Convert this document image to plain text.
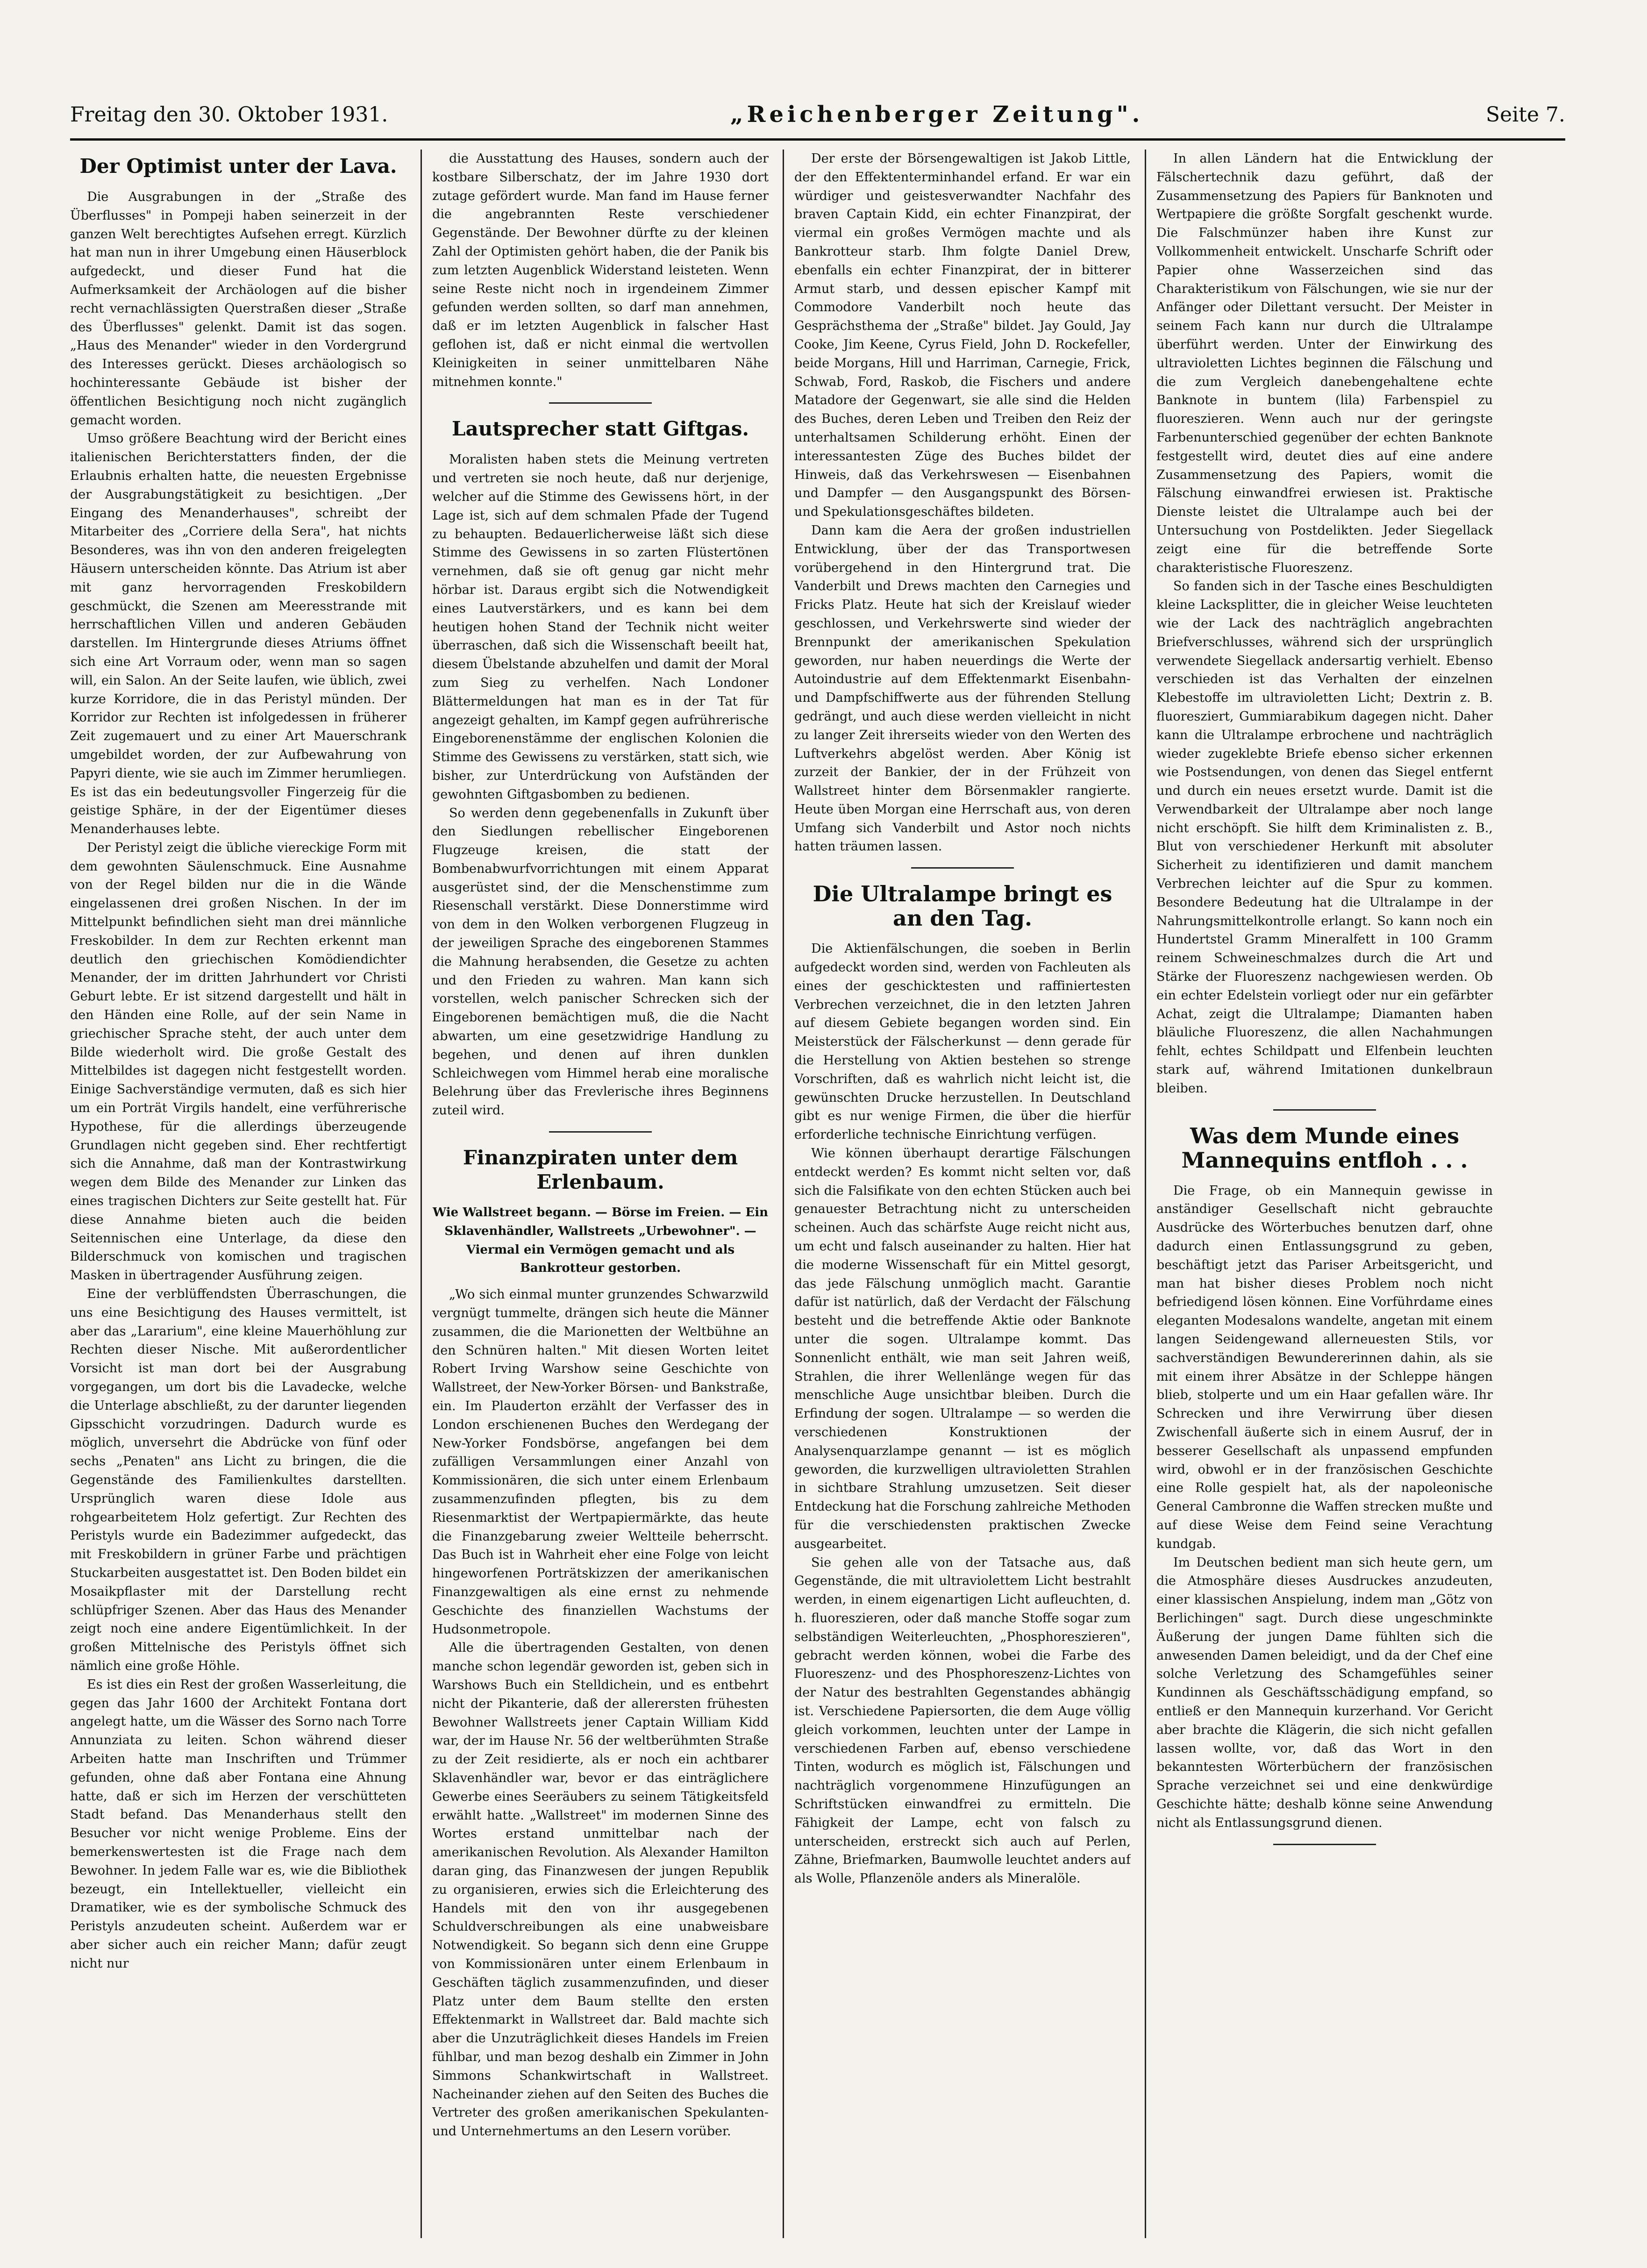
Freitag den 30. Oktober 1931.	„Reichenberger Zeitung".	Seite 7.
Der Optimist unter der Lava.

Die Ausgrabungen in der „Straße des Überflusses" in Pompeji haben seinerzeit in der ganzen Welt berechtigtes Aufsehen erregt. Kürzlich hat man nun in ihrer Umgebung einen Häuserblock aufgedeckt, und dieser Fund hat die Aufmerksamkeit der Archäologen auf die bisher recht vernachlässigten Querstraßen dieser „Straße des Überflusses" gelenkt. Damit ist das sogen. „Haus des Menander" wieder in den Vordergrund des Interesses gerückt. Dieses archäologisch so hochinteressante Gebäude ist bisher der öffentlichen Besichtigung noch nicht zugänglich gemacht worden.

Umso größere Beachtung wird der Bericht eines italienischen Berichterstatters finden, der die Erlaubnis erhalten hatte, die neuesten Ergebnisse der Ausgrabungstätigkeit zu besichtigen. „Der Eingang des Menanderhauses", schreibt der Mitarbeiter des „Corriere della Sera", hat nichts Besonderes, was ihn von den anderen freigelegten Häusern unterscheiden könnte. Das Atrium ist aber mit ganz hervorragenden Freskobildern geschmückt, die Szenen am Meeresstrande mit herrschaftlichen Villen und anderen Gebäuden darstellen. Im Hintergrunde dieses Atriums öffnet sich eine Art Vorraum oder, wenn man so sagen will, ein Salon. An der Seite laufen, wie üblich, zwei kurze Korridore, die in das Peristyl münden. Der Korridor zur Rechten ist infolgedessen in früherer Zeit zugemauert und zu einer Art Mauerschrank umgebildet worden, der zur Aufbewahrung von Papyri diente, wie sie auch im Zimmer herumliegen. Es ist das ein bedeutungsvoller Fingerzeig für die geistige Sphäre, in der der Eigentümer dieses Menanderhauses lebte.

Der Peristyl zeigt die übliche viereckige Form mit dem gewohnten Säulenschmuck. Eine Ausnahme von der Regel bilden nur die in die Wände eingelassenen drei großen Nischen. In der im Mittelpunkt befindlichen sieht man drei männliche Freskobilder. In dem zur Rechten erkennt man deutlich den griechischen Komödiendichter Menander, der im dritten Jahrhundert vor Christi Geburt lebte. Er ist sitzend dargestellt und hält in den Händen eine Rolle, auf der sein Name in griechischer Sprache steht, der auch unter dem Bilde wiederholt wird. Die große Gestalt des Mittelbildes ist dagegen nicht festgestellt worden. Einige Sachverständige vermuten, daß es sich hier um ein Porträt Virgils handelt, eine verführerische Hypothese, für die allerdings überzeugende Grundlagen nicht gegeben sind. Eher rechtfertigt sich die Annahme, daß man der Kontrastwirkung wegen dem Bilde des Menander zur Linken das eines tragischen Dichters zur Seite gestellt hat. Für diese Annahme bieten auch die beiden Seitennischen eine Unterlage, da diese den Bilderschmuck von komischen und tragischen Masken in übertragender Ausführung zeigen.

Eine der verblüffendsten Überraschungen, die uns eine Besichtigung des Hauses vermittelt, ist aber das „Lararium", eine kleine Mauerhöhlung zur Rechten dieser Nische. Mit außerordentlicher Vorsicht ist man dort bei der Ausgrabung vorgegangen, um dort bis die Lavadecke, welche die Unterlage abschließt, zu der darunter liegenden Gipsschicht vorzudringen. Dadurch wurde es möglich, unversehrt die Abdrücke von fünf oder sechs „Penaten" ans Licht zu bringen, die die Gegenstände des Familienkultes darstellten. Ursprünglich waren diese Idole aus rohgearbeitetem Holz gefertigt. Zur Rechten des Peristyls wurde ein Badezimmer aufgedeckt, das mit Freskobildern in grüner Farbe und prächtigen Stuckarbeiten ausgestattet ist. Den Boden bildet ein Mosaikpflaster mit der Darstellung recht schlüpfriger Szenen. Aber das Haus des Menander zeigt noch eine andere Eigentümlichkeit. In der großen Mittelnische des Peristyls öffnet sich nämlich eine große Höhle.

Es ist dies ein Rest der großen Wasserleitung, die gegen das Jahr 1600 der Architekt Fontana dort angelegt hatte, um die Wässer des Sorno nach Torre Annunziata zu leiten. Schon während dieser Arbeiten hatte man Inschriften und Trümmer gefunden, ohne daß aber Fontana eine Ahnung hatte, daß er sich im Herzen der verschütteten Stadt befand. Das Menanderhaus stellt den Besucher vor nicht wenige Probleme. Eins der bemerkenswertesten ist die Frage nach dem Bewohner. In jedem Falle war es, wie die Bibliothek bezeugt, ein Intellektueller, vielleicht ein Dramatiker, wie es der symbolische Schmuck des Peristyls anzudeuten scheint. Außerdem war er aber sicher auch ein reicher Mann; dafür zeugt nicht nur

die Ausstattung des Hauses, sondern auch der kostbare Silberschatz, der im Jahre 1930 dort zutage gefördert wurde. Man fand im Hause ferner die angebrannten Reste verschiedener Gegenstände. Der Bewohner dürfte zu der kleinen Zahl der Optimisten gehört haben, die der Panik bis zum letzten Augenblick Widerstand leisteten. Wenn seine Reste nicht noch in irgendeinem Zimmer gefunden werden sollten, so darf man annehmen, daß er im letzten Augenblick in falscher Hast geflohen ist, daß er nicht einmal die wertvollen Kleinigkeiten in seiner unmittelbaren Nähe mitnehmen konnte."

Lautsprecher statt Giftgas.

Moralisten haben stets die Meinung vertreten und vertreten sie noch heute, daß nur derjenige, welcher auf die Stimme des Gewissens hört, in der Lage ist, sich auf dem schmalen Pfade der Tugend zu behaupten. Bedauerlicherweise läßt sich diese Stimme des Gewissens in so zarten Flüstertönen vernehmen, daß sie oft genug gar nicht mehr hörbar ist. Daraus ergibt sich die Notwendigkeit eines Lautverstärkers, und es kann bei dem heutigen hohen Stand der Technik nicht weiter überraschen, daß sich die Wissenschaft beeilt hat, diesem Übelstande abzuhelfen und damit der Moral zum Sieg zu verhelfen. Nach Londoner Blättermeldungen hat man es in der Tat für angezeigt gehalten, im Kampf gegen aufrührerische Eingeborenenstämme der englischen Kolonien die Stimme des Gewissens zu verstärken, statt sich, wie bisher, zur Unterdrückung von Aufständen der gewohnten Giftgasbomben zu bedienen.

So werden denn gegebenenfalls in Zukunft über den Siedlungen rebellischer Eingeborenen Flugzeuge kreisen, die statt der Bombenabwurfvorrichtungen mit einem Apparat ausgerüstet sind, der die Menschenstimme zum Riesenschall verstärkt. Diese Donnerstimme wird von dem in den Wolken verborgenen Flugzeug in der jeweiligen Sprache des eingeborenen Stammes die Mahnung herabsenden, die Gesetze zu achten und den Frieden zu wahren. Man kann sich vorstellen, welch panischer Schrecken sich der Eingeborenen bemächtigen muß, die die Nacht abwarten, um eine gesetzwidrige Handlung zu begehen, und denen auf ihren dunklen Schleichwegen vom Himmel herab eine moralische Belehrung über das Frevlerische ihres Beginnens zuteil wird.

Finanzpiraten unter dem Erlenbaum.

Wie Wallstreet begann. — Börse im Freien. — Ein Sklavenhändler, Wallstreets „Urbewohner". — Viermal ein Vermögen gemacht und als Bankrotteur gestorben.

„Wo sich einmal munter grunzendes Schwarzwild vergnügt tummelte, drängen sich heute die Männer zusammen, die die Marionetten der Weltbühne an den Schnüren halten." Mit diesen Worten leitet Robert Irving Warshow seine Geschichte von Wallstreet, der New-Yorker Börsen- und Bankstraße, ein. Im Plauderton erzählt der Verfasser des in London erschienenen Buches den Werdegang der New-Yorker Fondsbörse, angefangen bei dem zufälligen Versammlungen einer Anzahl von Kommissionären, die sich unter einem Erlenbaum zusammenzufinden pflegten, bis zu dem Riesenmarktist der Wertpapiermärkte, das heute die Finanzgebarung zweier Weltteile beherrscht. Das Buch ist in Wahrheit eher eine Folge von leicht hingeworfenen Porträtskizzen der amerikanischen Finanzgewaltigen als eine ernst zu nehmende Geschichte des finanziellen Wachstums der Hudsonmetropole.

Alle die übertragenden Gestalten, von denen manche schon legendär geworden ist, geben sich in Warshows Buch ein Stelldichein, und es entbehrt nicht der Pikanterie, daß der allerersten frühesten Bewohner Wallstreets jener Captain William Kidd war, der im Hause Nr. 56 der weltberühmten Straße zu der Zeit residierte, als er noch ein achtbarer Sklavenhändler war, bevor er das einträglichere Gewerbe eines Seeräubers zu seinem Tätigkeitsfeld erwählt hatte. „Wallstreet" im modernen Sinne des Wortes erstand unmittelbar nach der amerikanischen Revolution. Als Alexander Hamilton daran ging, das Finanzwesen der jungen Republik zu organisieren, erwies sich die Erleichterung des Handels mit den von ihr ausgegebenen Schuldverschreibungen als eine unabweisbare Notwendigkeit. So begann sich denn eine Gruppe von Kommissionären unter einem Erlenbaum in Geschäften täglich zusammenzufinden, und dieser Platz unter dem Baum stellte den ersten Effektenmarkt in Wallstreet dar. Bald machte sich aber die Unzuträglichkeit dieses Handels im Freien fühlbar, und man bezog deshalb ein Zimmer in John Simmons Schankwirtschaft in Wallstreet. Nacheinander ziehen auf den Seiten des Buches die Vertreter des großen amerikanischen Spekulanten- und Unternehmertums an den Lesern vorüber.

Der erste der Börsengewaltigen ist Jakob Little, der den Effektenterminhandel erfand. Er war ein würdiger und geistesverwandter Nachfahr des braven Captain Kidd, ein echter Finanzpirat, der viermal ein großes Vermögen machte und als Bankrotteur starb. Ihm folgte Daniel Drew, ebenfalls ein echter Finanzpirat, der in bitterer Armut starb, und dessen epischer Kampf mit Commodore Vanderbilt noch heute das Gesprächsthema der „Straße" bildet. Jay Gould, Jay Cooke, Jim Keene, Cyrus Field, John D. Rockefeller, beide Morgans, Hill und Harriman, Carnegie, Frick, Schwab, Ford, Raskob, die Fischers und andere Matadore der Gegenwart, sie alle sind die Helden des Buches, deren Leben und Treiben den Reiz der unterhaltsamen Schilderung erhöht. Einen der interessantesten Züge des Buches bildet der Hinweis, daß das Verkehrswesen — Eisenbahnen und Dampfer — den Ausgangspunkt des Börsen- und Spekulationsgeschäftes bildeten.

Dann kam die Aera der großen industriellen Entwicklung, über der das Transportwesen vorübergehend in den Hintergrund trat. Die Vanderbilt und Drews machten den Carnegies und Fricks Platz. Heute hat sich der Kreislauf wieder geschlossen, und Verkehrswerte sind wieder der Brennpunkt der amerikanischen Spekulation geworden, nur haben neuerdings die Werte der Autoindustrie auf dem Effektenmarkt Eisenbahn- und Dampfschiffwerte aus der führenden Stellung gedrängt, und auch diese werden vielleicht in nicht zu langer Zeit ihrerseits wieder von den Werten des Luftverkehrs abgelöst werden. Aber König ist zurzeit der Bankier, der in der Frühzeit von Wallstreet hinter dem Börsenmakler rangierte. Heute üben Morgan eine Herrschaft aus, von deren Umfang sich Vanderbilt und Astor noch nichts hatten träumen lassen.

Die Ultralampe bringt es an den Tag.

Die Aktienfälschungen, die soeben in Berlin aufgedeckt worden sind, werden von Fachleuten als eines der geschicktesten und raffiniertesten Verbrechen verzeichnet, die in den letzten Jahren auf diesem Gebiete begangen worden sind. Ein Meisterstück der Fälscherkunst — denn gerade für die Herstellung von Aktien bestehen so strenge Vorschriften, daß es wahrlich nicht leicht ist, die gewünschten Drucke herzustellen. In Deutschland gibt es nur wenige Firmen, die über die hierfür erforderliche technische Einrichtung verfügen.

Wie können überhaupt derartige Fälschungen entdeckt werden? Es kommt nicht selten vor, daß sich die Falsifikate von den echten Stücken auch bei genauester Betrachtung nicht zu unterscheiden scheinen. Auch das schärfste Auge reicht nicht aus, um echt und falsch auseinander zu halten. Hier hat die moderne Wissenschaft für ein Mittel gesorgt, das jede Fälschung unmöglich macht. Garantie dafür ist natürlich, daß der Verdacht der Fälschung besteht und die betreffende Aktie oder Banknote unter die sogen. Ultralampe kommt. Das Sonnenlicht enthält, wie man seit Jahren weiß, Strahlen, die ihrer Wellenlänge wegen für das menschliche Auge unsichtbar bleiben. Durch die Erfindung der sogen. Ultralampe — so werden die verschiedenen Konstruktionen der Analysenquarzlampe genannt — ist es möglich geworden, die kurzwelligen ultravioletten Strahlen in sichtbare Strahlung umzusetzen. Seit dieser Entdeckung hat die Forschung zahlreiche Methoden für die verschiedensten praktischen Zwecke ausgearbeitet.

Sie gehen alle von der Tatsache aus, daß Gegenstände, die mit ultraviolettem Licht bestrahlt werden, in einem eigenartigen Licht aufleuchten, d. h. fluoreszieren, oder daß manche Stoffe sogar zum selbständigen Weiterleuchten, „Phosphoreszieren", gebracht werden können, wobei die Farbe des Fluoreszenz- und des Phosphoreszenz-Lichtes von der Natur des bestrahlten Gegenstandes abhängig ist. Verschiedene Papiersorten, die dem Auge völlig gleich vorkommen, leuchten unter der Lampe in verschiedenen Farben auf, ebenso verschiedene Tinten, wodurch es möglich ist, Fälschungen und nachträglich vorgenommene Hinzufügungen an Schriftstücken einwandfrei zu ermitteln. Die Fähigkeit der Lampe, echt von falsch zu unterscheiden, erstreckt sich auch auf Perlen, Zähne, Briefmarken, Baumwolle leuchtet anders auf als Wolle, Pflanzenöle anders als Mineralöle.

In allen Ländern hat die Entwicklung der Fälschertechnik dazu geführt, daß der Zusammensetzung des Papiers für Banknoten und Wertpapiere die größte Sorgfalt geschenkt wurde. Die Falschmünzer haben ihre Kunst zur Vollkommenheit entwickelt. Unscharfe Schrift oder Papier ohne Wasserzeichen sind das Charakteristikum von Fälschungen, wie sie nur der Anfänger oder Dilettant versucht. Der Meister in seinem Fach kann nur durch die Ultralampe überführt werden. Unter der Einwirkung des ultravioletten Lichtes beginnen die Fälschung und die zum Vergleich danebengehaltene echte Banknote in buntem (lila) Farbenspiel zu fluoreszieren. Wenn auch nur der geringste Farbenunterschied gegenüber der echten Banknote festgestellt wird, deutet dies auf eine andere Zusammensetzung des Papiers, womit die Fälschung einwandfrei erwiesen ist. Praktische Dienste leistet die Ultralampe auch bei der Untersuchung von Postdelikten. Jeder Siegellack zeigt eine für die betreffende Sorte charakteristische Fluoreszenz.

So fanden sich in der Tasche eines Beschuldigten kleine Lacksplitter, die in gleicher Weise leuchteten wie der Lack des nachträglich angebrachten Briefverschlusses, während sich der ursprünglich verwendete Siegellack andersartig verhielt. Ebenso verschieden ist das Verhalten der einzelnen Klebestoffe im ultravioletten Licht; Dextrin z. B. fluoresziert, Gummiarabikum dagegen nicht. Daher kann die Ultralampe erbrochene und nachträglich wieder zugeklebte Briefe ebenso sicher erkennen wie Postsendungen, von denen das Siegel entfernt und durch ein neues ersetzt wurde. Damit ist die Verwendbarkeit der Ultralampe aber noch lange nicht erschöpft. Sie hilft dem Kriminalisten z. B., Blut von verschiedener Herkunft mit absoluter Sicherheit zu identifizieren und damit manchem Verbrechen leichter auf die Spur zu kommen. Besondere Bedeutung hat die Ultralampe in der Nahrungsmittelkontrolle erlangt. So kann noch ein Hundertstel Gramm Mineralfett in 100 Gramm reinem Schweineschmalzes durch die Art und Stärke der Fluoreszenz nachgewiesen werden. Ob ein echter Edelstein vorliegt oder nur ein gefärbter Achat, zeigt die Ultralampe; Diamanten haben bläuliche Fluoreszenz, die allen Nachahmungen fehlt, echtes Schildpatt und Elfenbein leuchten stark auf, während Imitationen dunkelbraun bleiben.

Was dem Munde eines Mannequins entfloh . . .

Die Frage, ob ein Mannequin gewisse in anständiger Gesellschaft nicht gebrauchte Ausdrücke des Wörterbuches benutzen darf, ohne dadurch einen Entlassungsgrund zu geben, beschäftigt jetzt das Pariser Arbeitsgericht, und man hat bisher dieses Problem noch nicht befriedigend lösen können. Eine Vorführdame eines eleganten Modesalons wandelte, angetan mit einem langen Seidengewand allerneuesten Stils, vor sachverständigen Bewundererinnen dahin, als sie mit einem ihrer Absätze in der Schleppe hängen blieb, stolperte und um ein Haar gefallen wäre. Ihr Schrecken und ihre Verwirrung über diesen Zwischenfall äußerte sich in einem Ausruf, der in besserer Gesellschaft als unpassend empfunden wird, obwohl er in der französischen Geschichte eine Rolle gespielt hat, als der napoleonische General Cambronne die Waffen strecken mußte und auf diese Weise dem Feind seine Verachtung kundgab.

Im Deutschen bedient man sich heute gern, um die Atmosphäre dieses Ausdruckes anzudeuten, einer klassischen Anspielung, indem man „Götz von Berlichingen" sagt. Durch diese ungeschminkte Äußerung der jungen Dame fühlten sich die anwesenden Damen beleidigt, und da der Chef eine solche Verletzung des Schamgefühles seiner Kundinnen als Geschäftsschädigung empfand, so entließ er den Mannequin kurzerhand. Vor Gericht aber brachte die Klägerin, die sich nicht gefallen lassen wollte, vor, daß das Wort in den bekanntesten Wörterbüchern der französischen Sprache verzeichnet sei und eine denkwürdige Geschichte hätte; deshalb könne seine Anwendung nicht als Entlassungsgrund dienen.
